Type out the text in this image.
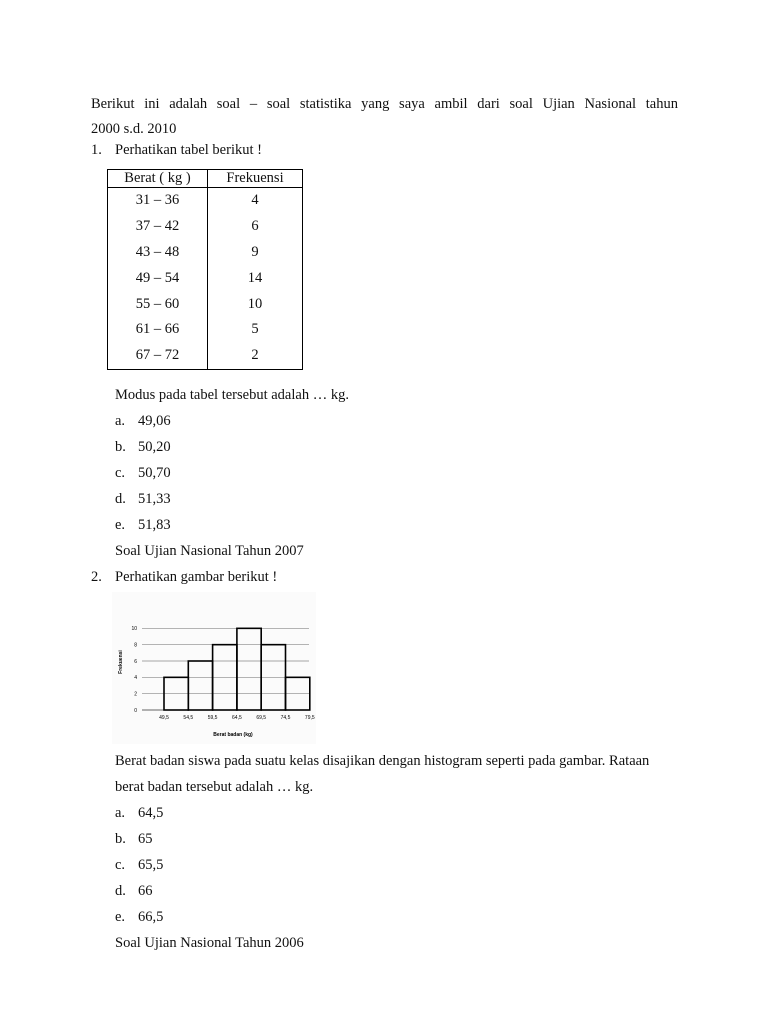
Berikut ini adalah soal – soal statistika yang saya ambil dari soal Ujian Nasional tahun
2000 s.d. 2010
1. Perhatikan tabel berikut !
Berat ( kg )	Frekuensi
31 – 36	4
37 – 42	6
43 – 48	9
49 – 54	14
55 – 60	10
61 – 66	5
67 – 72	2
Modus pada tabel tersebut adalah … kg.
a. 49,06
b. 50,20
c. 50,70
d. 51,33
e. 51,83
Soal Ujian Nasional Tahun 2007
2. Perhatikan gambar berikut !
0
2
4
6
8
10
49,5	54,5	59,5	64,5	69,5	74,5	79,5
Frekuensi
Berat badan (kg)
Berat badan siswa pada suatu kelas disajikan dengan histogram seperti pada gambar. Rataan
berat badan tersebut adalah … kg.
a. 64,5
b. 65
c. 65,5
d. 66
e. 66,5
Soal Ujian Nasional Tahun 2006
